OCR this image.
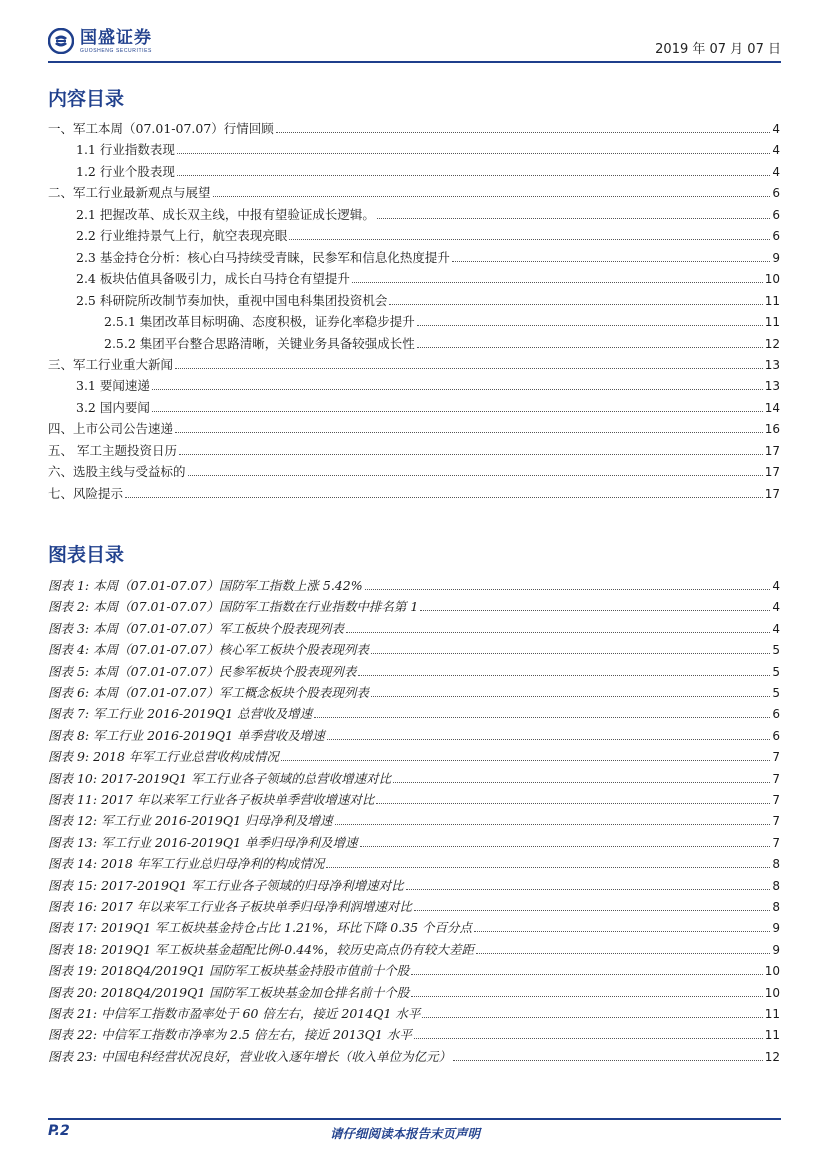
国盛证券
GUOSHENG SECURITIES	2019 年 07 月 07 日
内容目录
一、军工本周（07.01-07.07）行情回顾	4
1.1 行业指数表现	4
1.2 行业个股表现	4
二、军工行业最新观点与展望	6
2.1 把握改革、成长双主线，中报有望验证成长逻辑。	6
2.2 行业维持景气上行，航空表现亮眼	6
2.3 基金持仓分析：核心白马持续受青睐，民参军和信息化热度提升	9
2.4 板块估值具备吸引力，成长白马持仓有望提升	10
2.5 科研院所改制节奏加快，重视中国电科集团投资机会	11
2.5.1 集团改革目标明确、态度积极，证券化率稳步提升	11
2.5.2 集团平台整合思路清晰，关键业务具备较强成长性	12
三、军工行业重大新闻	13
3.1 要闻速递	13
3.2 国内要闻	14
四、上市公司公告速递	16
五、 军工主题投资日历	17
六、选股主线与受益标的	17
七、风险提示	17
图表目录
图表 1: 本周（07.01-07.07）国防军工指数上涨 5.42%	4
图表 2: 本周（07.01-07.07）国防军工指数在行业指数中排名第 1	4
图表 3: 本周（07.01-07.07）军工板块个股表现列表	4
图表 4: 本周（07.01-07.07）核心军工板块个股表现列表	5
图表 5: 本周（07.01-07.07）民参军板块个股表现列表	5
图表 6: 本周（07.01-07.07）军工概念板块个股表现列表	5
图表 7: 军工行业 2016-2019Q1 总营收及增速	6
图表 8: 军工行业 2016-2019Q1 单季营收及增速	6
图表 9: 2018 年军工行业总营收构成情况	7
图表 10: 2017-2019Q1 军工行业各子领域的总营收增速对比	7
图表 11: 2017 年以来军工行业各子板块单季营收增速对比	7
图表 12: 军工行业 2016-2019Q1 归母净利及增速	7
图表 13: 军工行业 2016-2019Q1 单季归母净利及增速	7
图表 14: 2018 年军工行业总归母净利的构成情况	8
图表 15: 2017-2019Q1 军工行业各子领域的归母净利增速对比	8
图表 16: 2017 年以来军工行业各子板块单季归母净利润增速对比	8
图表 17: 2019Q1 军工板块基金持仓占比 1.21%，环比下降 0.35 个百分点	9
图表 18: 2019Q1 军工板块基金超配比例-0.44%，较历史高点仍有较大差距	9
图表 19: 2018Q4/2019Q1 国防军工板块基金持股市值前十个股	10
图表 20: 2018Q4/2019Q1 国防军工板块基金加仓排名前十个股	10
图表 21: 中信军工指数市盈率处于 60 倍左右，接近 2014Q1 水平	11
图表 22: 中信军工指数市净率为 2.5 倍左右，接近 2013Q1 水平	11
图表 23: 中国电科经营状况良好，营业收入逐年增长（收入单位为亿元）	12
P.2	请仔细阅读本报告末页声明
